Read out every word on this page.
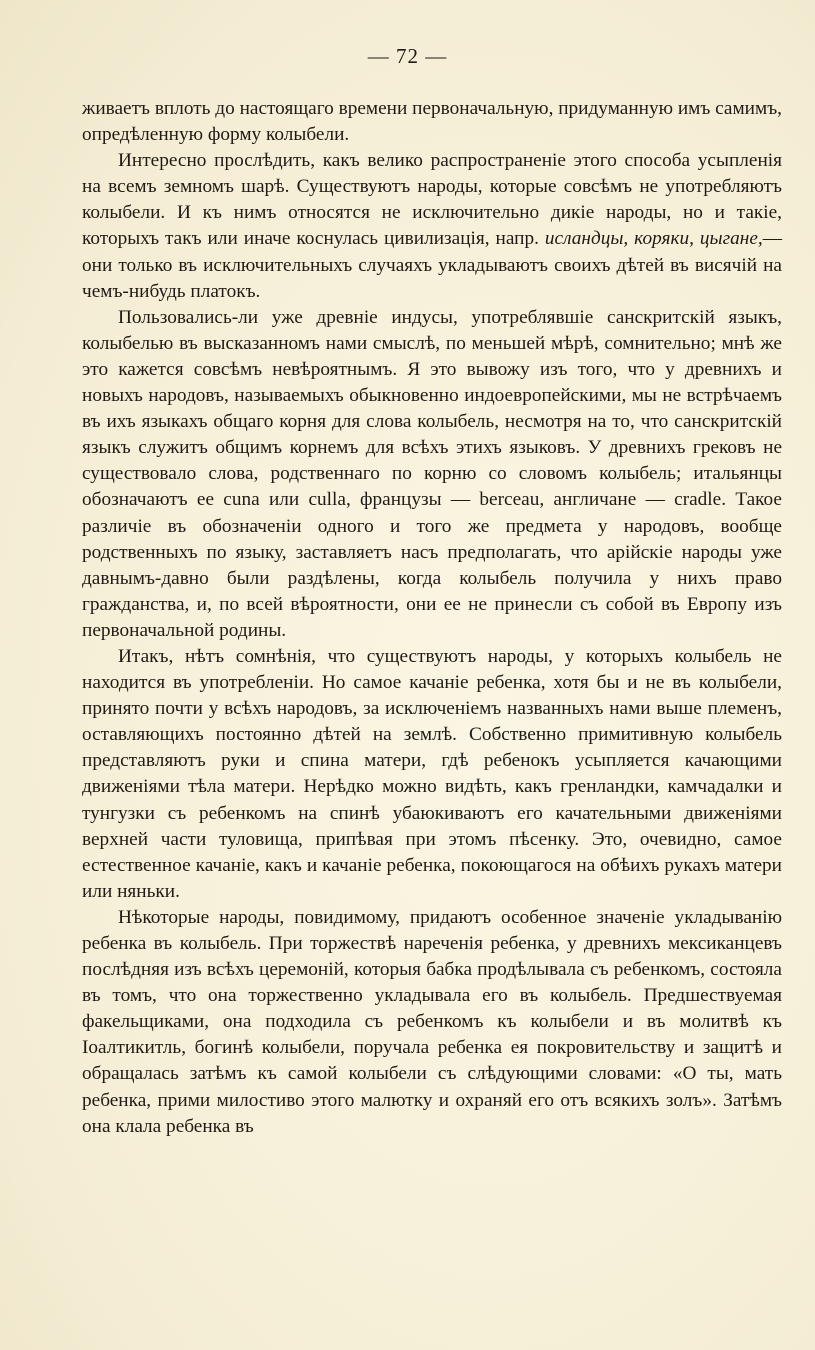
— 72 —

живаетъ вплоть до настоящаго времени первоначальную, придуманную имъ самимъ, опредѣленную форму колыбели.

Интересно прослѣдить, какъ велико распространеніе этого способа усыпленія на всемъ земномъ шарѣ. Существуютъ народы, которые совсѣмъ не употребляютъ колыбели. И къ нимъ относятся не исключительно дикіе народы, но и такіе, которыхъ такъ или иначе коснулась цивилизація, напр. исландцы, коряки, цыгане,—они только въ исключительныхъ случаяхъ укладываютъ своихъ дѣтей въ висячій на чемъ-нибудь платокъ.

Пользовались-ли уже древніе индусы, употреблявшіе санскритскій языкъ, колыбелью въ высказанномъ нами смыслѣ, по меньшей мѣрѣ, сомнительно; мнѣ же это кажется совсѣмъ невѣроятнымъ. Я это вывожу изъ того, что у древнихъ и новыхъ народовъ, называемыхъ обыкновенно индоевропейскими, мы не встрѣчаемъ въ ихъ языкахъ общаго корня для слова колыбель, несмотря на то, что санскритскій языкъ служитъ общимъ корнемъ для всѣхъ этихъ языковъ. У древнихъ грековъ не существовало слова, родственнаго по корню со словомъ колыбель; итальянцы обозначаютъ ее cuna или culla, французы — berceau, англичане — cradle. Такое различіе въ обозначеніи одного и того же предмета у народовъ, вообще родственныхъ по языку, заставляетъ насъ предполагать, что арійскіе народы уже давнымъ-давно были раздѣлены, когда колыбель получила у нихъ право гражданства, и, по всей вѣроятности, они ее не принесли съ собой въ Европу изъ первоначальной родины.

Итакъ, нѣтъ сомнѣнія, что существуютъ народы, у которыхъ колыбель не находится въ употребленіи. Но самое качаніе ребенка, хотя бы и не въ колыбели, принято почти у всѣхъ народовъ, за исключеніемъ названныхъ нами выше племенъ, оставляющихъ постоянно дѣтей на землѣ. Собственно примитивную колыбель представляютъ руки и спина матери, гдѣ ребенокъ усыпляется качающими движеніями тѣла матери. Нерѣдко можно видѣть, какъ гренландки, камчадалки и тунгузки съ ребенкомъ на спинѣ убаюкиваютъ его качательными движеніями верхней части туловища, припѣвая при этомъ пѣсенку. Это, очевидно, самое естественное качаніе, какъ и качаніе ребенка, покоющагося на обѣихъ рукахъ матери или няньки.

Нѣкоторые народы, повидимому, придаютъ особенное значеніе укладыванію ребенка въ колыбель. При торжествѣ нареченія ребенка, у древнихъ мексиканцевъ послѣдняя изъ всѣхъ церемоній, которыя бабка продѣлывала съ ребенкомъ, состояла въ томъ, что она торжественно укладывала его въ колыбель. Предшествуемая факельщиками, она подходила съ ребенкомъ къ колыбели и въ молитвѣ къ Іоалтикитль, богинѣ колыбели, поручала ребенка ея покровительству и защитѣ и обращалась затѣмъ къ самой колыбели съ слѣдующими словами: «О ты, мать ребенка, прими милостиво этого малютку и охраняй его отъ всякихъ золъ». Затѣмъ она клала ребенка въ
